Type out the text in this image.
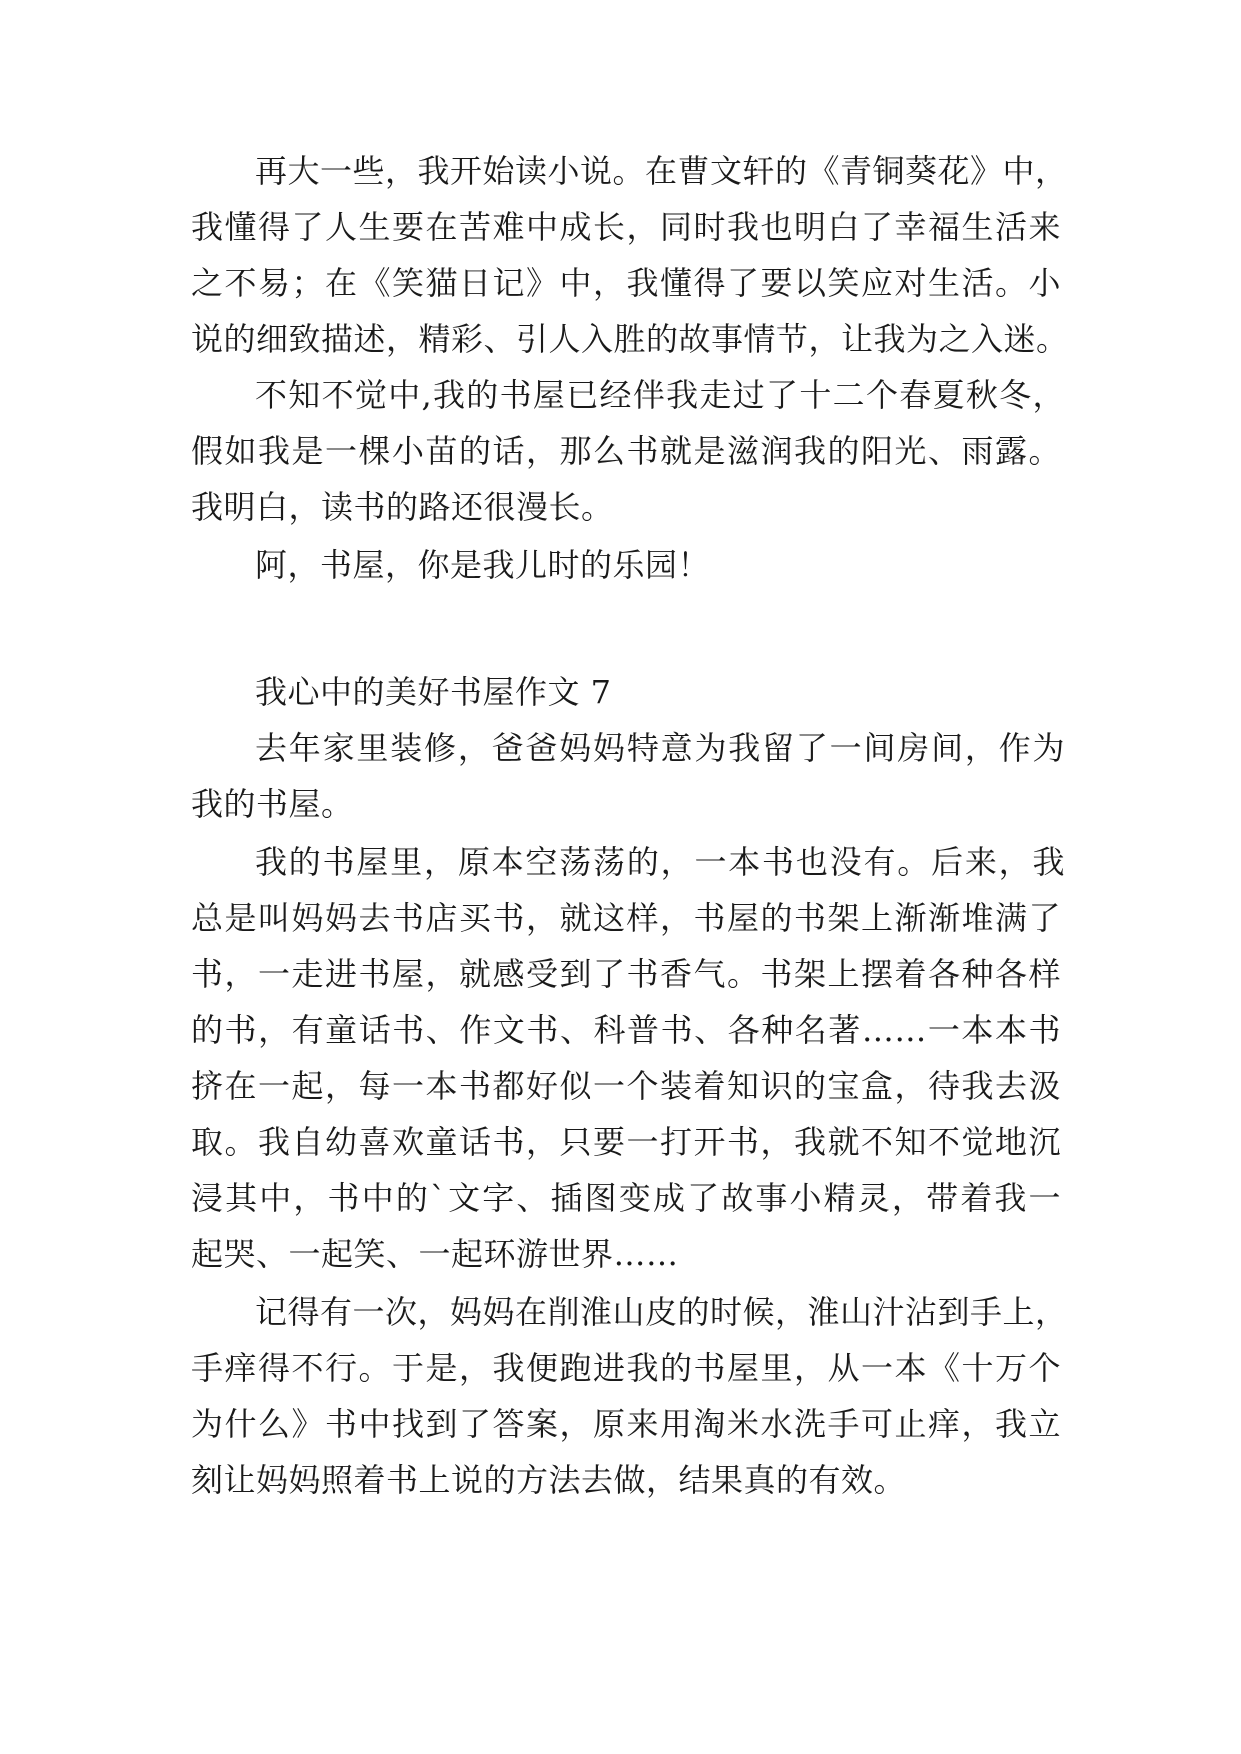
再大一些，我开始读小说。在曹文轩的《青铜葵花》中，
我懂得了人生要在苦难中成长，同时我也明白了幸福生活来
之不易；在《笑猫日记》中，我懂得了要以笑应对生活。小
说的细致描述，精彩、引人入胜的故事情节，让我为之入迷。
不知不觉中,我的书屋已经伴我走过了十二个春夏秋冬，
假如我是一棵小苗的话，那么书就是滋润我的阳光、雨露。
我明白，读书的路还很漫长。
阿，书屋，你是我儿时的乐园！
我心中的美好书屋作文 7
去年家里装修，爸爸妈妈特意为我留了一间房间，作为
我的书屋。
我的书屋里，原本空荡荡的，一本书也没有。后来，我
总是叫妈妈去书店买书，就这样，书屋的书架上渐渐堆满了
书，一走进书屋，就感受到了书香气。书架上摆着各种各样
的书，有童话书、作文书、科普书、各种名著……一本本书
挤在一起，每一本书都好似一个装着知识的宝盒，待我去汲
取。我自幼喜欢童话书，只要一打开书，我就不知不觉地沉
浸其中，书中的`文字、插图变成了故事小精灵，带着我一
起哭、一起笑、一起环游世界……
记得有一次，妈妈在削淮山皮的时候，淮山汁沾到手上，
手痒得不行。于是，我便跑进我的书屋里，从一本《十万个
为什么》书中找到了答案，原来用淘米水洗手可止痒，我立
刻让妈妈照着书上说的方法去做，结果真的有效。
